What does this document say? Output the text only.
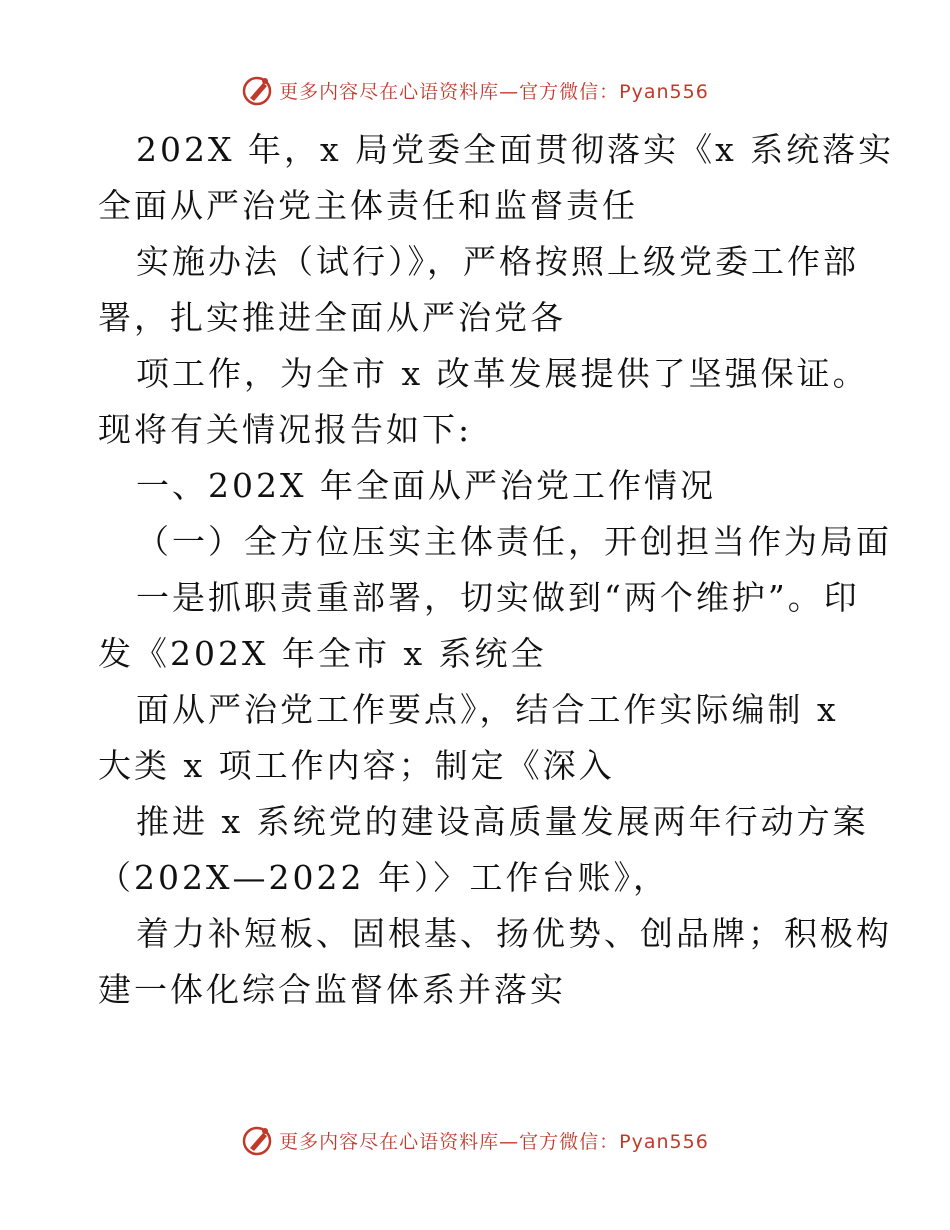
更多内容尽在心语资料库—官方微信：Pyan556
202X 年，x 局党委全面贯彻落实《x 系统落实
全面从严治党主体责任和监督责任
实施办法（试行）》，严格按照上级党委工作部
署，扎实推进全面从严治党各
项工作，为全市 x 改革发展提供了坚强保证。
现将有关情况报告如下:
一、202X 年全面从严治党工作情况
（一）全方位压实主体责任，开创担当作为局面
一是抓职责重部署，切实做到“两个维护”。印
发《202X 年全市 x 系统全
面从严治党工作要点》，结合工作实际编制 x
大类 x 项工作内容；制定《深入
推进 x 系统党的建设高质量发展两年行动方案
（202X—2022 年）〉工作台账》，
着力补短板、固根基、扬优势、创品牌；积极构
建一体化综合监督体系并落实
更多内容尽在心语资料库—官方微信：Pyan556
